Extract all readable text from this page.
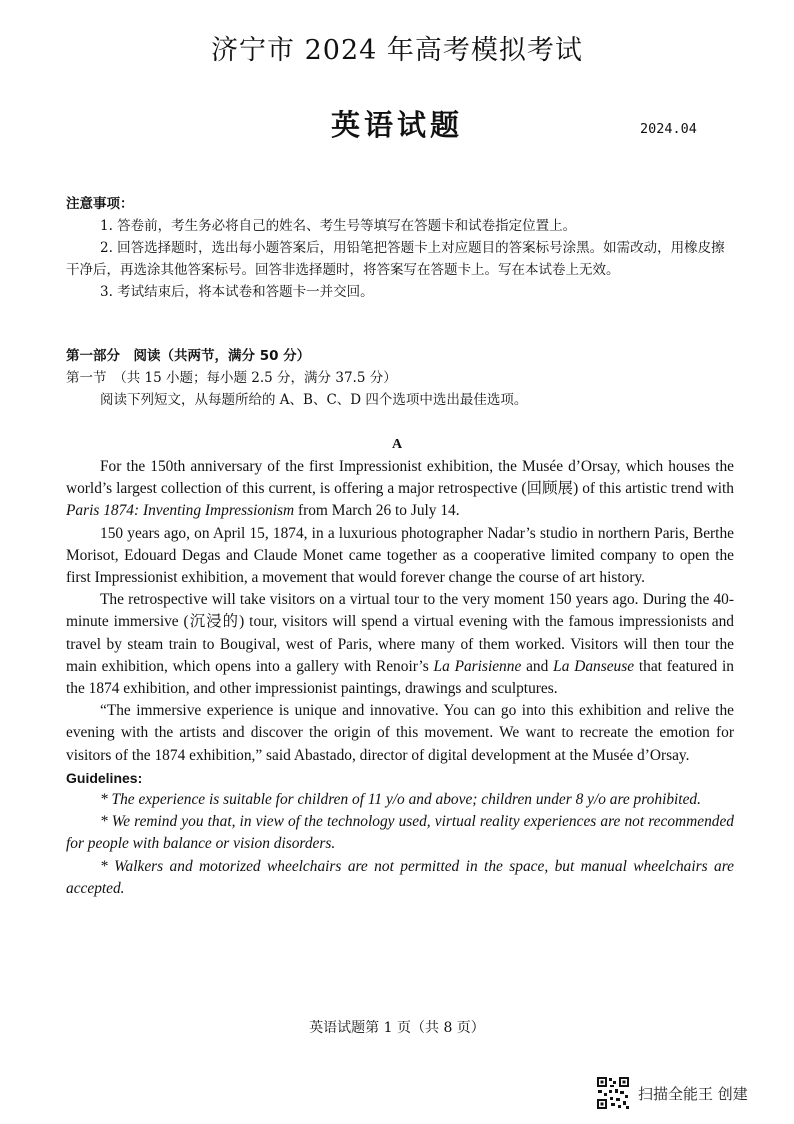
济宁市 2024 年高考模拟考试
英语试题	2024.04
注意事项：

1. 答卷前，考生务必将自己的姓名、考生号等填写在答题卡和试卷指定位置上。

2. 回答选择题时，选出每小题答案后，用铅笔把答题卡上对应题目的答案标号涂黑。如需改动，用橡皮擦干净后，再选涂其他答案标号。回答非选择题时，将答案写在答题卡上。写在本试卷上无效。

3. 考试结束后，将本试卷和答题卡一并交回。

第一部分　阅读（共两节，满分 50 分）

第一节　（共 15 小题；每小题 2.5 分，满分 37.5 分）

阅读下列短文，从每题所给的 A、B、C、D 四个选项中选出最佳选项。

A

For the 150th anniversary of the first Impressionist exhibition, the Musée d’Orsay, which houses the world’s largest collection of this current, is offering a major retrospective (回顾展) of this artistic trend with Paris 1874: Inventing Impressionism from March 26 to July 14.

150 years ago, on April 15, 1874, in a luxurious photographer Nadar’s studio in northern Paris, Berthe Morisot, Edouard Degas and Claude Monet came together as a cooperative limited company to open the first Impressionist exhibition, a movement that would forever change the course of art history.

The retrospective will take visitors on a virtual tour to the very moment 150 years ago. During the 40-minute immersive (沉浸的) tour, visitors will spend a virtual evening with the famous impressionists and travel by steam train to Bougival, west of Paris, where many of them worked. Visitors will then tour the main exhibition, which opens into a gallery with Renoir’s La Parisienne and La Danseuse that featured in the 1874 exhibition, and other impressionist paintings, drawings and sculptures.

“The immersive experience is unique and innovative. You can go into this exhibition and relive the evening with the artists and discover the origin of this movement. We want to recreate the emotion for visitors of the 1874 exhibition,” said Abastado, director of digital development at the Musée d’Orsay.

Guidelines:

* The experience is suitable for children of 11 y/o and above; children under 8 y/o are prohibited.

* We remind you that, in view of the technology used, virtual reality experiences are not recommended for people with balance or vision disorders.

* Walkers and motorized wheelchairs are not permitted in the space, but manual wheelchairs are accepted.

英语试题第 1 页（共 8 页）
扫描全能王 创建
